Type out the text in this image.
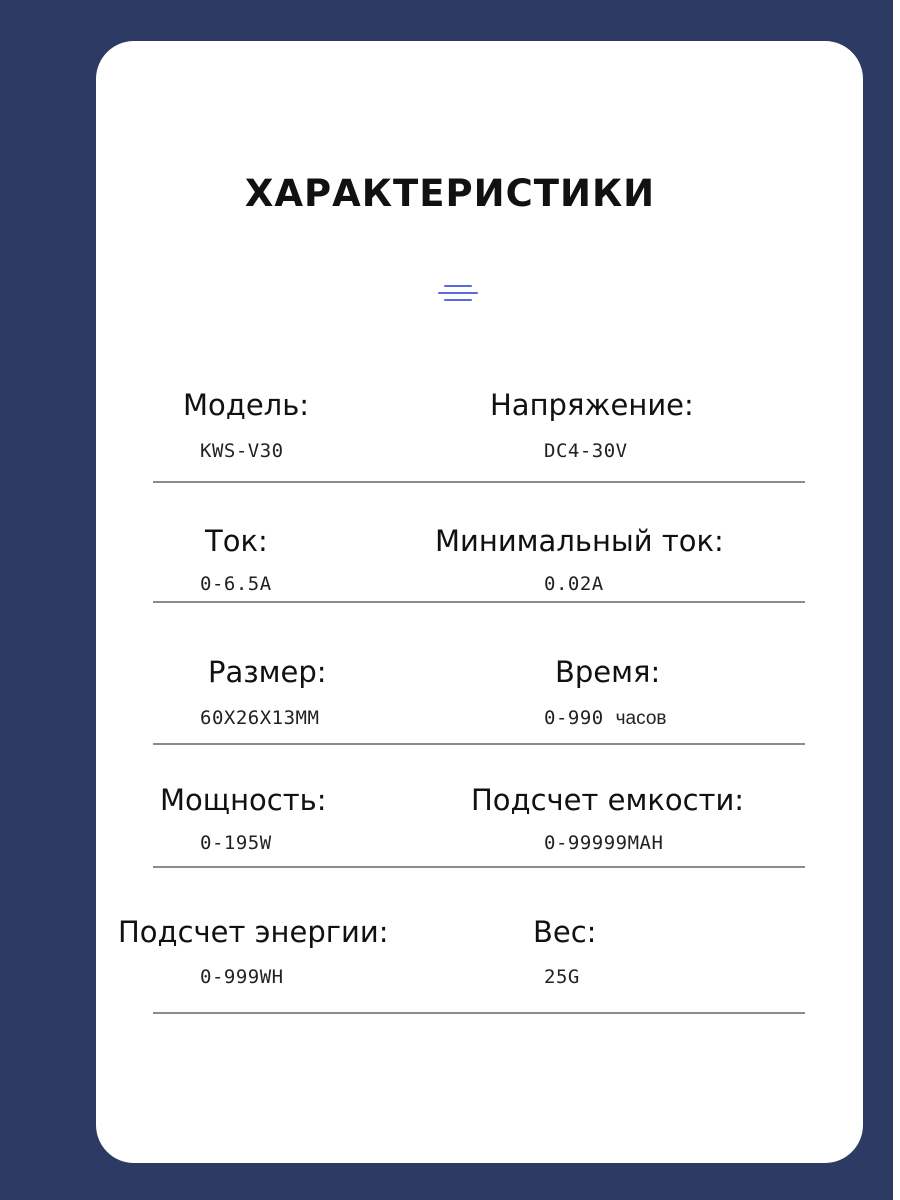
ХАРАКТЕРИСТИКИ
Модель:
KWS-V30
Напряжение:
DC4-30V
Ток:
0-6.5A
Минимальный ток:
0.02A
Размер:
60X26X13MM
Время:
0-990 часов
Мощность:
0-195W
Подсчет емкости:
0-99999MAH
Подсчет энергии:
0-999WH
Вес:
25G
